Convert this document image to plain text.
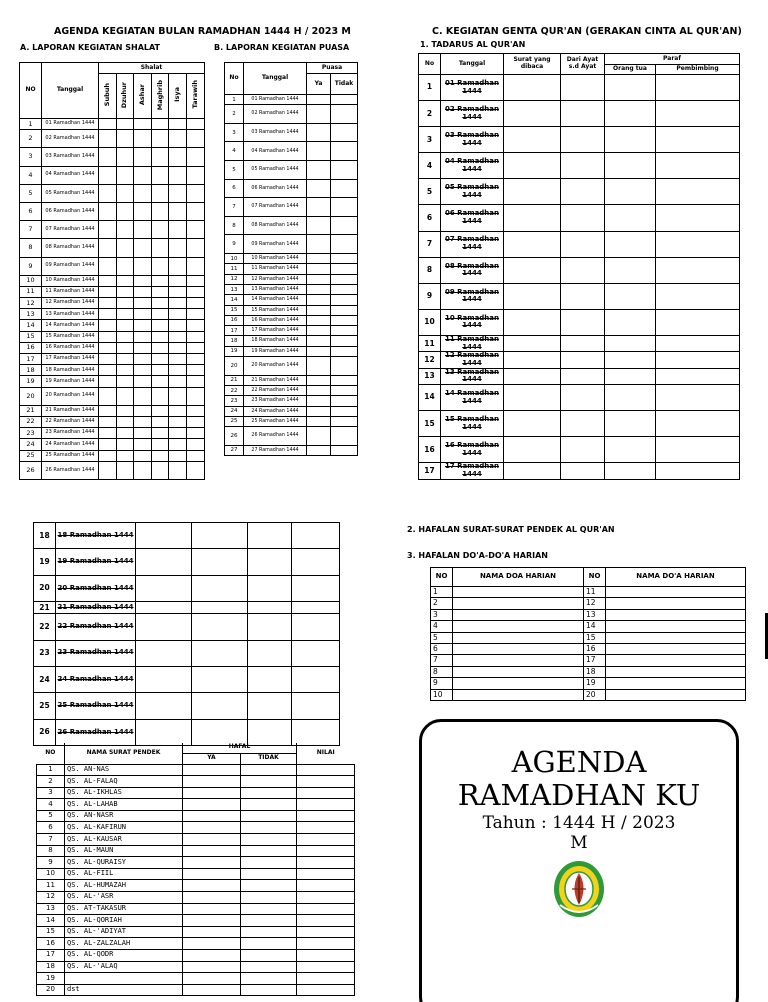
AGENDA KEGIATAN BULAN RAMADHAN 1444 H / 2023 M
A. LAPORAN KEGIATAN SHALAT
NO	Tanggal	Shalat					
		Subuh	Dzuhur	Ashar	Maghrib	Isya	Tarawih
1	01 Ramadhan 1444						
2	02 Ramadhan 1444						
3	03 Ramadhan 1444						
4	04 Ramadhan 1444						
5	05 Ramadhan 1444						
6	06 Ramadhan 1444						
7	07 Ramadhan 1444						
8	08 Ramadhan 1444						
9	09 Ramadhan 1444						
10	10 Ramadhan 1444						
11	11 Ramadhan 1444						
12	12 Ramadhan 1444						
13	13 Ramadhan 1444						
14	14 Ramadhan 1444						
15	15 Ramadhan 1444						
16	16 Ramadhan 1444						
17	17 Ramadhan 1444						
18	18 Ramadhan 1444						
19	19 Ramadhan 1444						
20	20 Ramadhan 1444						
21	21 Ramadhan 1444						
22	22 Ramadhan 1444						
23	23 Ramadhan 1444						
24	24 Ramadhan 1444						
25	25 Ramadhan 1444						
26	26 Ramadhan 1444						
B. LAPORAN KEGIATAN PUASA
No	Tanggal	Puasa	
		Ya	Tidak
1	01 Ramadhan 1444		
2	02 Ramadhan 1444		
3	03 Ramadhan 1444		
4	04 Ramadhan 1444		
5	05 Ramadhan 1444		
6	06 Ramadhan 1444		
7	07 Ramadhan 1444		
8	08 Ramadhan 1444		
9	09 Ramadhan 1444		
10	10 Ramadhan 1444		
11	11 Ramadhan 1444		
12	12 Ramadhan 1444		
13	13 Ramadhan 1444		
14	14 Ramadhan 1444		
15	15 Ramadhan 1444		
16	16 Ramadhan 1444		
17	17 Ramadhan 1444		
18	18 Ramadhan 1444		
19	19 Ramadhan 1444		
20	20 Ramadhan 1444		
21	21 Ramadhan 1444		
22	22 Ramadhan 1444		
23	23 Ramadhan 1444		
24	24 Ramadhan 1444		
25	25 Ramadhan 1444		
26	26 Ramadhan 1444		
27	27 Ramadhan 1444		
C. KEGIATAN GENTA QUR'AN (GERAKAN CINTA AL QUR'AN)
1. TADARUS AL QUR'AN
No	Tanggal	Surat yang dibaca	Dari Ayat s.d Ayat	Paraf	
				Orang tua	Pembimbing
1	01 Ramadhan 1444				
2	02 Ramadhan 1444				
3	03 Ramadhan 1444				
4	04 Ramadhan 1444				
5	05 Ramadhan 1444				
6	06 Ramadhan 1444				
7	07 Ramadhan 1444				
8	08 Ramadhan 1444				
9	09 Ramadhan 1444				
10	10 Ramadhan 1444				
11	11 Ramadhan 1444				
12	12 Ramadhan 1444				
13	13 Ramadhan 1444				
14	14 Ramadhan 1444				
15	15 Ramadhan 1444				
16	16 Ramadhan 1444				
17	17 Ramadhan 1444				
18	18 Ramadhan 1444				
19	19 Ramadhan 1444				
20	20 Ramadhan 1444				
21	21 Ramadhan 1444				
22	22 Ramadhan 1444				
23	23 Ramadhan 1444				
24	24 Ramadhan 1444				
25	25 Ramadhan 1444				
26	26 Ramadhan 1444				
NO	NAMA SURAT PENDEK	HAFAL		NILAI
		YA	TIDAK	
1	QS. AN-NAS			
2	QS. AL-FALAQ			
3	QS. AL-IKHLAS			
4	QS. AL-LAHAB			
5	QS. AN-NASR			
6	QS. AL-KAFIRUN			
7	QS. AL-KAUSAR			
8	QS. AL-MAUN			
9	QS. AL-QURAISY			
10	QS. AL-FIIL			
11	QS. AL-HUMAZAH			
12	QS. AL-'ASR			
13	QS. AT-TAKASUR			
14	QS. AL-QORIAH			
15	QS. AL-'ADIYAT			
16	QS. AL-ZALZALAH			
17	QS. AL-QODR			
18	QS. AL-'ALAQ			
19				
20	dst			
2. HAFALAN SURAT-SURAT PENDEK AL QUR'AN
3. HAFALAN DO'A-DO'A HARIAN
NO	NAMA DOA HARIAN	NO	NAMA DO'A HARIAN
1		11	
2		12	
3		13	
4		14	
5		15	
6		16	
7		17	
8		18	
9		19	
10		20	
AGENDA
RAMADHAN KU
Tahun : 1444 H / 2023
M
